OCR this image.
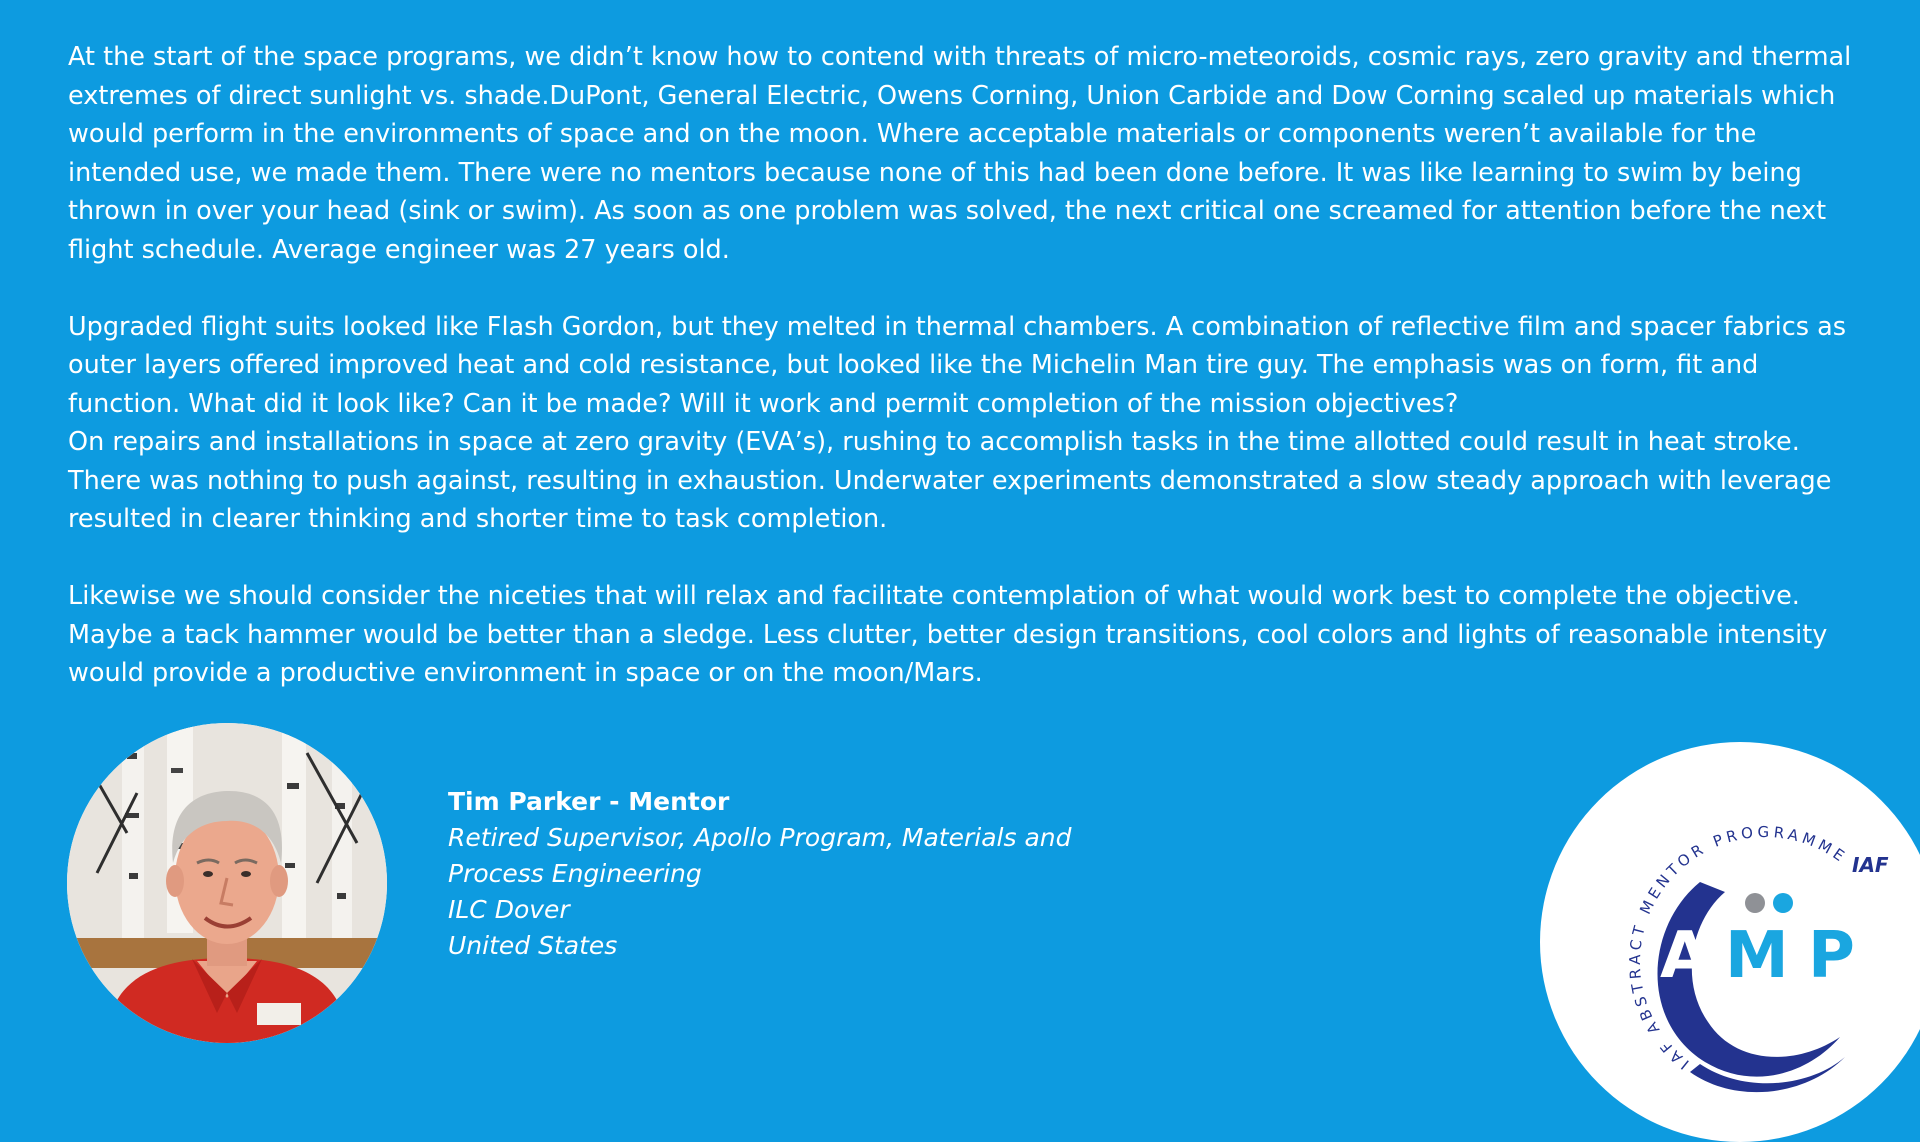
At the start of the space programs, we didn’t know how to contend with threats of micro-meteoroids, cosmic rays, zero gravity and thermal extremes of direct sunlight vs. shade.DuPont, General Electric, Owens Corning, Union Carbide and Dow Corning scaled up materials which would perform in the environments of space and on the moon. Where acceptable materials or components weren’t available for the intended use, we made them. There were no mentors because none of this had been done before. It was like learning to swim by being thrown in over your head (sink or swim). As soon as one problem was solved, the next critical one screamed for attention before the next flight schedule. Average engineer was 27 years old.

Upgraded flight suits looked like Flash Gordon, but they melted in thermal chambers. A combination of reflective film and spacer fabrics as outer layers offered improved heat and cold resistance, but looked like the Michelin Man tire guy. The emphasis was on form, fit and function. What did it look like? Can it be made? Will it work and permit completion of the mission objectives?

On repairs and installations in space at zero gravity (EVA’s), rushing to accomplish tasks in the time allotted could result in heat stroke. There was nothing to push against, resulting in exhaustion. Underwater experiments demonstrated a slow steady approach with leverage resulted in clearer thinking and shorter time to task completion.

Likewise we should consider the niceties that will relax and facilitate contemplation of what would work best to complete the objective. Maybe a tack hammer would be better than a sledge. Less clutter, better design transitions, cool colors and lights of reasonable intensity would provide a productive environment in space or on the moon/Mars.

Tim Parker - Mentor
Retired Supervisor, Apollo Program, Materials and
Process Engineering
ILC Dover
United States
IAF ABSTRACT MENTOR PROGRAMME
A M P
IAF
